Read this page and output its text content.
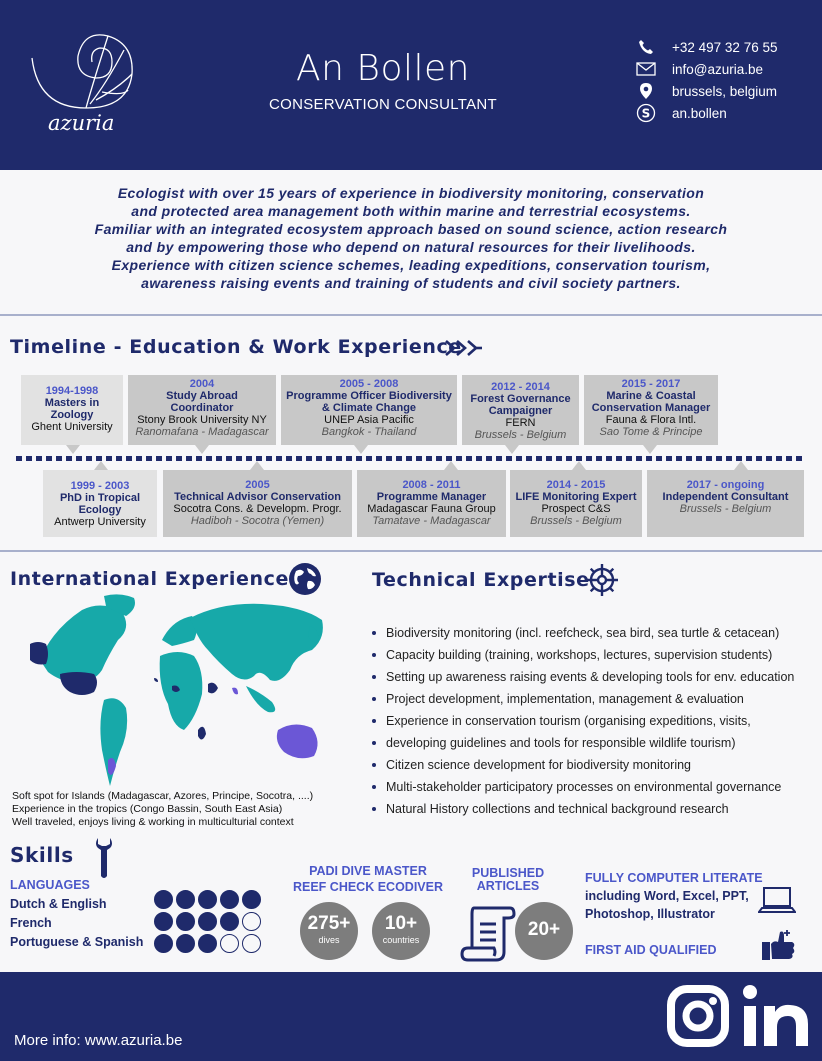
azuria
An Bollen
CONSERVATION CONSULTANT
+32 497 32 76 55
info@azuria.be
brussels, belgium
S an.bollen
Ecologist with over 15 years of experience in biodiversity monitoring, conservation
and protected area management both within marine and terrestrial ecosystems.
Familiar with an integrated ecosystem approach based on sound science, action research
and by empowering those who depend on natural resources for their livelihoods.
Experience with citizen science schemes, leading expeditions, conservation tourism,
awareness raising events and training of students and civil society partners.
Timeline - Education & Work Experience
1994-1998
Masters in Zoology
Ghent University
2004
Study Abroad Coordinator
Stony Brook University NY
Ranomafana - Madagascar
2005 - 2008
Programme Officer Biodiversity & Climate Change
UNEP Asia Pacific
Bangkok - Thailand
2012 - 2014
Forest Governance Campaigner
FERN
Brussels - Belgium
2015 - 2017
Marine & Coastal Conservation Manager
Fauna & Flora Intl.
Sao Tome & Principe
1999 - 2003
PhD in Tropical Ecology
Antwerp University
2005
Technical Advisor Conservation
Socotra Cons. & Developm. Progr.
Hadiboh - Socotra (Yemen)
2008 - 2011
Programme Manager
Madagascar Fauna Group
Tamatave - Madagascar
2014 - 2015
LIFE Monitoring Expert
Prospect C&S
Brussels - Belgium
2017 - ongoing
Independent Consultant
Brussels - Belgium
International Experience
Soft spot for Islands (Madagascar, Azores, Principe, Socotra, ....)
Experience in the tropics (Congo Bassin, South East Asia)
Well traveled, enjoys living & working in multiculturial context
Technical Expertise
Biodiversity monitoring (incl. reefcheck, sea bird, sea turtle & cetacean)
Capacity building (training, workshops, lectures, supervision students)
Setting up awareness raising events & developing tools for env. education
Project development, implementation, management & evaluation
Experience in conservation tourism (organising expeditions, visits,
developing guidelines and tools for responsible wildlife tourism)
Citizen science development for biodiversity monitoring
Multi-stakeholder participatory processes on environmental governance
Natural History collections and technical background research
Skills
LANGUAGES
Dutch & English
French
Portuguese & Spanish
PADI DIVE MASTER
REEF CHECK ECODIVER
275+
dives
10+
countries
PUBLISHED
ARTICLES
20+
FULLY COMPUTER LITERATE
including Word, Excel, PPT,
Photoshop, Illustrator
FIRST AID QUALIFIED
More info: www.azuria.be
